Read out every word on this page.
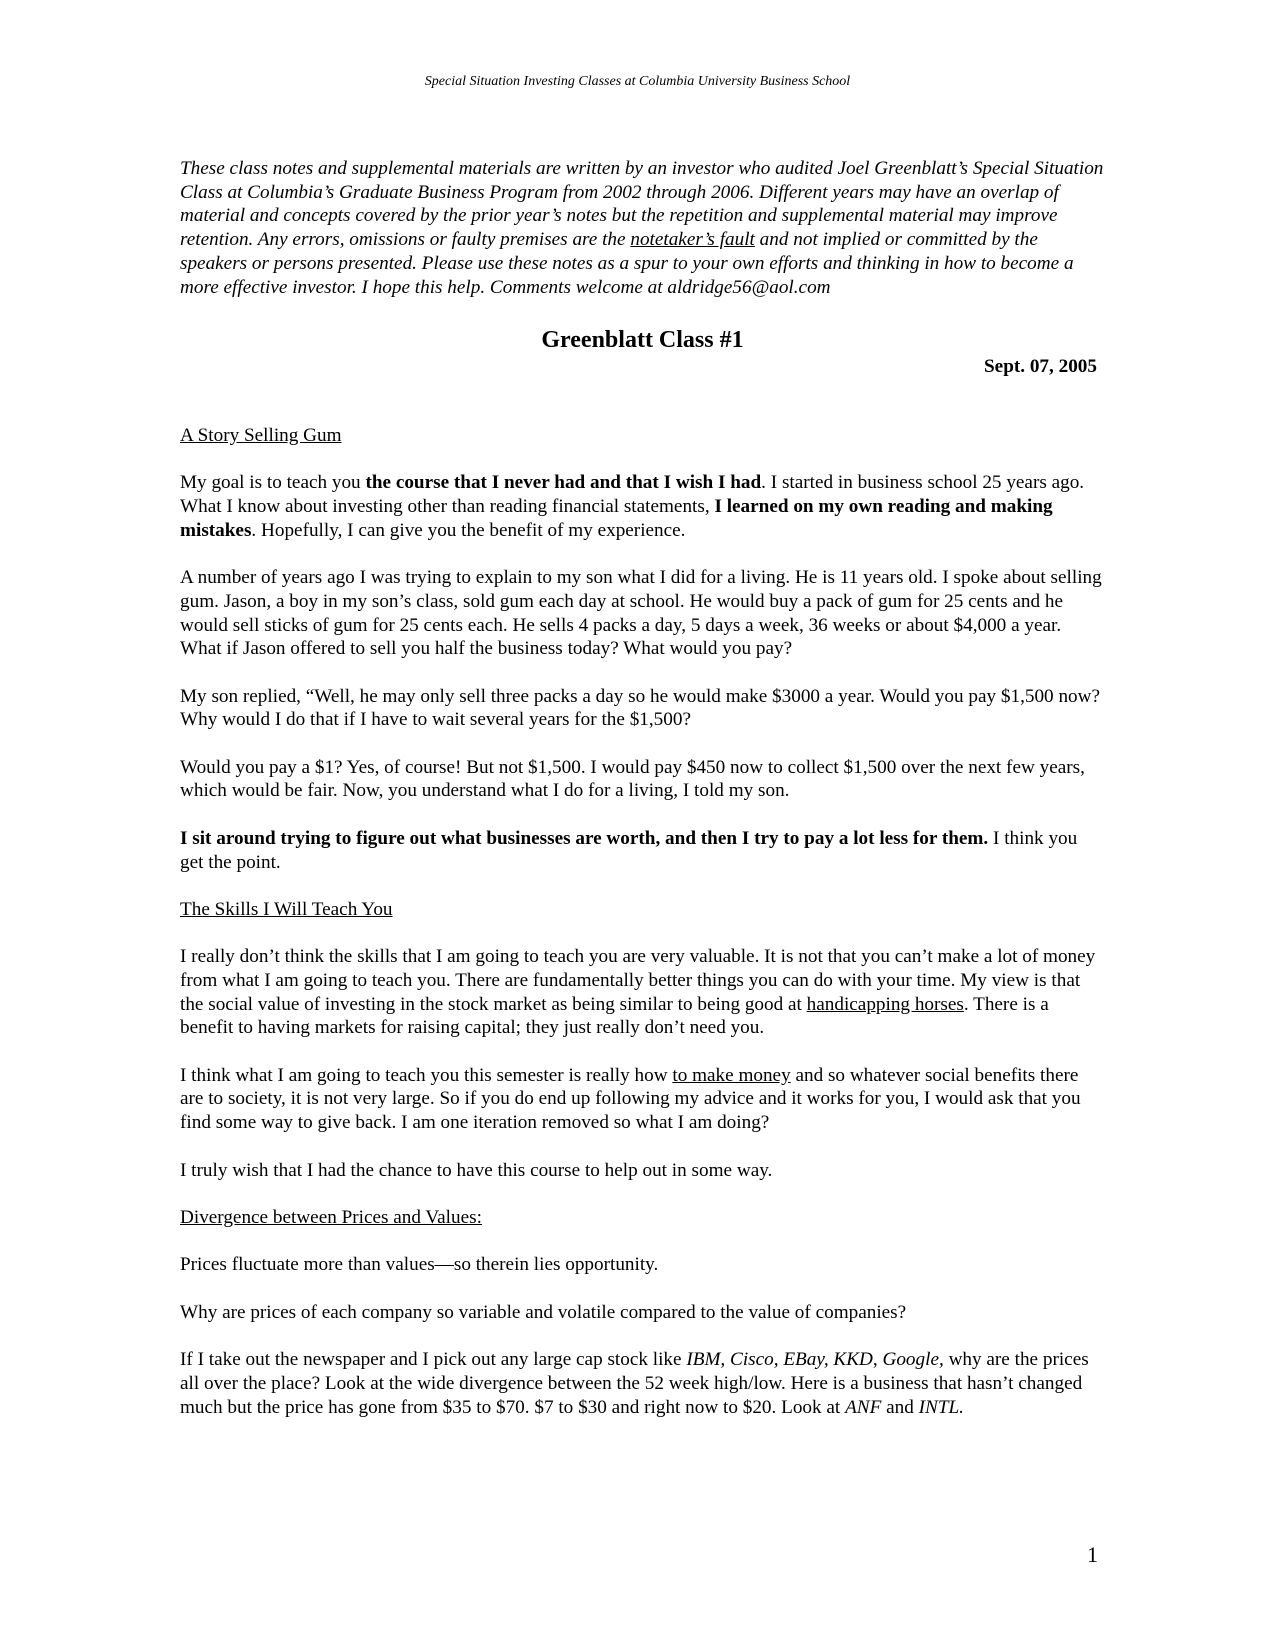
Special Situation Investing Classes at Columbia University Business School

These class notes and supplemental materials are written by an investor who audited Joel Greenblatt’s Special Situation Class at Columbia’s Graduate Business Program from 2002 through 2006. Different years may have an overlap of material and concepts covered by the prior year’s notes but the repetition and supplemental material may improve retention. Any errors, omissions or faulty premises are the notetaker’s fault and not implied or committed by the speakers or persons presented. Please use these notes as a spur to your own efforts and thinking in how to become a more effective investor. I hope this help. Comments welcome at aldridge56@aol.com

Greenblatt Class #1

Sept. 07, 2005

A Story Selling Gum

My goal is to teach you the course that I never had and that I wish I had. I started in business school 25 years ago. What I know about investing other than reading financial statements, I learned on my own reading and making mistakes. Hopefully, I can give you the benefit of my experience.

A number of years ago I was trying to explain to my son what I did for a living. He is 11 years old. I spoke about selling gum. Jason, a boy in my son’s class, sold gum each day at school. He would buy a pack of gum for 25 cents and he would sell sticks of gum for 25 cents each. He sells 4 packs a day, 5 days a week, 36 weeks or about $4,000 a year. What if Jason offered to sell you half the business today? What would you pay?

My son replied, “Well, he may only sell three packs a day so he would make $3000 a year. Would you pay $1,500 now? Why would I do that if I have to wait several years for the $1,500?

Would you pay a $1? Yes, of course! But not $1,500. I would pay $450 now to collect $1,500 over the next few years, which would be fair. Now, you understand what I do for a living, I told my son.

I sit around trying to figure out what businesses are worth, and then I try to pay a lot less for them. I think you get the point.

The Skills I Will Teach You

I really don’t think the skills that I am going to teach you are very valuable. It is not that you can’t make a lot of money from what I am going to teach you. There are fundamentally better things you can do with your time. My view is that the social value of investing in the stock market as being similar to being good at handicapping horses. There is a benefit to having markets for raising capital; they just really don’t need you.

I think what I am going to teach you this semester is really how to make money and so whatever social benefits there are to society, it is not very large. So if you do end up following my advice and it works for you, I would ask that you find some way to give back. I am one iteration removed so what I am doing?

I truly wish that I had the chance to have this course to help out in some way.

Divergence between Prices and Values:

Prices fluctuate more than values—so therein lies opportunity.

Why are prices of each company so variable and volatile compared to the value of companies?

If I take out the newspaper and I pick out any large cap stock like IBM, Cisco, EBay, KKD, Google, why are the prices all over the place? Look at the wide divergence between the 52 week high/low. Here is a business that hasn’t changed much but the price has gone from $35 to $70. $7 to $30 and right now to $20. Look at ANF and INTL.

1
